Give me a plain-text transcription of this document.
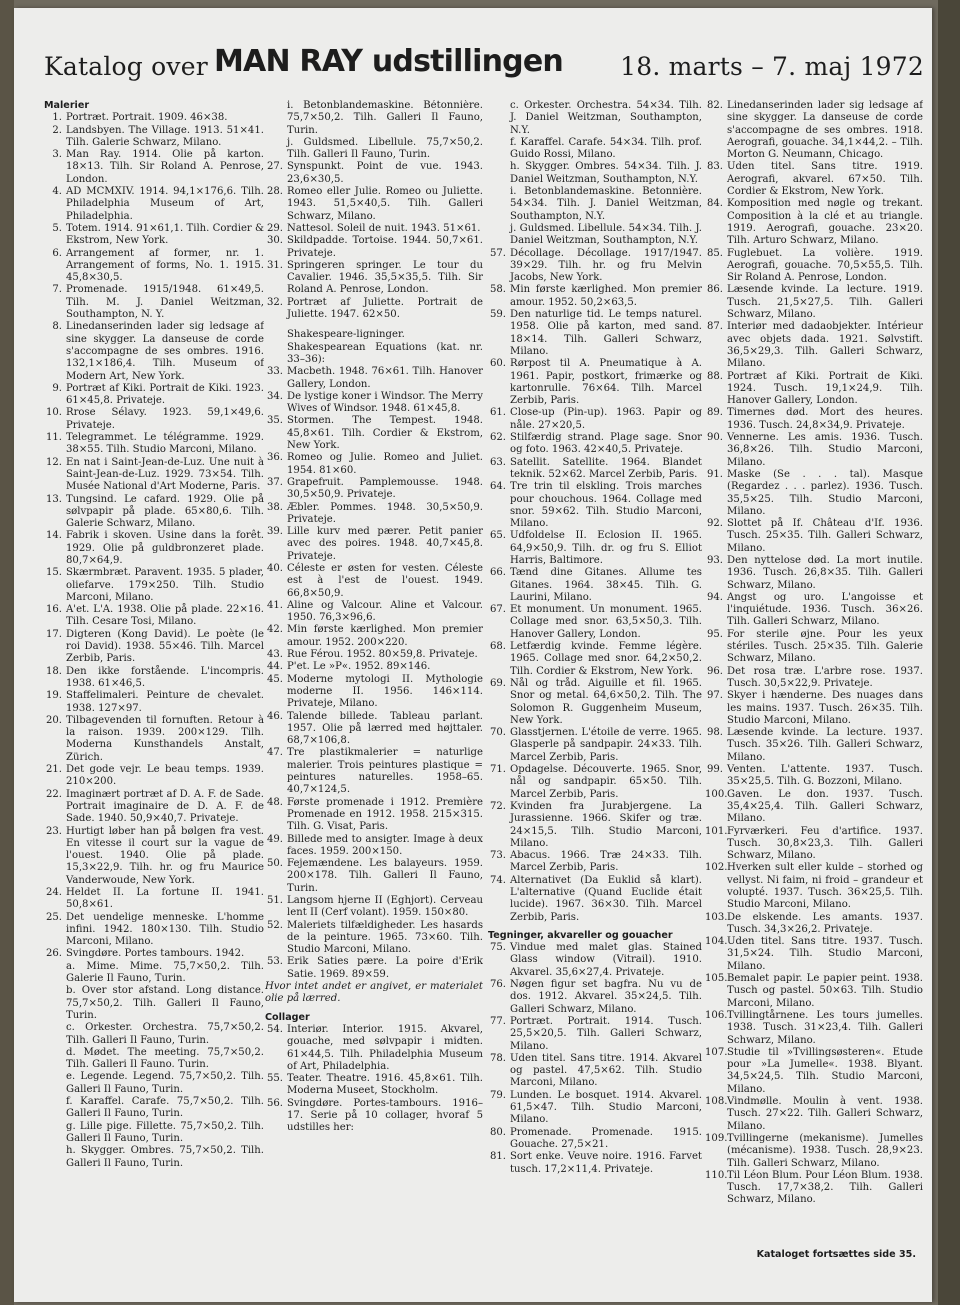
Katalog over MAN RAY udstillingen 18. marts – 7. maj 1972
Malerier
1. Portræt. Portrait. 1909. 46×38.
2. Landsbyen. The Village. 1913. 51×41. Tilh. Galerie Schwarz, Milano.
3. Man Ray. 1914. Olie på karton. 18×13. Tilh. Sir Roland A. Penrose, London.
4. AD MCMXIV. 1914. 94,1×176,6. Tilh. Philadelphia Museum of Art, Philadelphia.
5. Totem. 1914. 91×61,1. Tilh. Cordier & Ekstrom, New York.
6. Arrangement af former, nr. 1. Arrangement of forms, No. 1. 1915. 45,8×30,5.
7. Promenade. 1915/1948. 61×49,5. Tilh. M. J. Daniel Weitzman, Southampton, N. Y.
8. Linedanserinden lader sig ledsage af sine skygger. La danseuse de corde s'accompagne de ses ombres. 1916. 132,1×186,4. Tilh. Museum of Modern Art, New York.
9. Portræt af Kiki. Portrait de Kiki. 1923. 61×45,8. Privateje.
10. Rrose Sélavy. 1923. 59,1×49,6. Privateje.
11. Telegrammet. Le télégramme. 1929. 38×55. Tilh. Studio Marconi, Milano.
12. En nat i Saint-Jean-de-Luz. Une nuit à Saint-Jean-de-Luz. 1929. 73×54. Tilh. Musée National d'Art Moderne, Paris.
13. Tungsind. Le cafard. 1929. Olie på sølvpapir på plade. 65×80,6. Tilh. Galerie Schwarz, Milano.
14. Fabrik i skoven. Usine dans la forêt. 1929. Olie på guldbronzeret plade. 80,7×64,9.
15. Skærmbræt. Paravent. 1935. 5 plader, oliefarve. 179×250. Tilh. Studio Marconi, Milano.
16. A'et. L'A. 1938. Olie på plade. 22×16. Tilh. Cesare Tosi, Milano.
17. Digteren (Kong David). Le poète (le roi David). 1938. 55×46. Tilh. Marcel Zerbib, Paris.
18. Den ikke forstående. L'incompris. 1938. 61×46,5.
19. Staffelimaleri. Peinture de chevalet. 1938. 127×97.
20. Tilbagevenden til fornuften. Retour à la raison. 1939. 200×129. Tilh. Moderna Kunsthandels Anstalt, Zürich.
21. Det gode vejr. Le beau temps. 1939. 210×200.
22. Imaginært portræt af D. A. F. de Sade. Portrait imaginaire de D. A. F. de Sade. 1940. 50,9×40,7. Privateje.
23. Hurtigt løber han på bølgen fra vest. En vitesse il court sur la vague de l'ouest. 1940. Olie på plade. 15,3×22,9. Tilh. hr. og fru Maurice Vanderwoude, New York.
24. Heldet II. La fortune II. 1941. 50,8×61.
25. Det uendelige menneske. L'homme infini. 1942. 180×130. Tilh. Studio Marconi, Milano.
26. Svingdøre. Portes tambours. 1942.
a. Mime. Mime. 75,7×50,2. Tilh. Galerie Il Fauno, Turin.
b. Over stor afstand. Long distance. 75,7×50,2. Tilh. Galleri Il Fauno, Turin.
c. Orkester. Orchestra. 75,7×50,2. Tilh. Galleri Il Fauno, Turin.
d. Mødet. The meeting. 75,7×50,2. Tilh. Galleri Il Fauno. Turin.
e. Legende. Legend. 75,7×50,2. Tilh. Galleri Il Fauno, Turin.
f. Karaffel. Carafe. 75,7×50,2. Tilh. Galleri Il Fauno, Turin.
g. Lille pige. Fillette. 75,7×50,2. Tilh. Galleri Il Fauno, Turin.
h. Skygger. Ombres. 75,7×50,2. Tilh. Galleri Il Fauno, Turin.
i. Betonblandemaskine. Bétonnière. 75,7×50,2. Tilh. Galleri Il Fauno, Turin.
j. Guldsmed. Libellule. 75,7×50,2. Tilh. Galleri Il Fauno, Turin.
27. Synspunkt. Point de vue. 1943. 23,6×30,5.
28. Romeo eller Julie. Romeo ou Juliette. 1943. 51,5×40,5. Tilh. Galleri Schwarz, Milano.
29. Nattesol. Soleil de nuit. 1943. 51×61.
30. Skildpadde. Tortoise. 1944. 50,7×61. Privateje.
31. Springeren springer. Le tour du Cavalier. 1946. 35,5×35,5. Tilh. Sir Roland A. Penrose, London.
32. Portræt af Juliette. Portrait de Juliette. 1947. 62×50.
Shakespeare-ligninger.
Shakespearean Equations (kat. nr. 33–36):
33. Macbeth. 1948. 76×61. Tilh. Hanover Gallery, London.
34. De lystige koner i Windsor. The Merry Wives of Windsor. 1948. 61×45,8.
35. Stormen. The Tempest. 1948. 45,8×61. Tilh. Cordier & Ekstrom, New York.
36. Romeo og Julie. Romeo and Juliet. 1954. 81×60.
37. Grapefruit. Pamplemousse. 1948. 30,5×50,9. Privateje.
38. Æbler. Pommes. 1948. 30,5×50,9. Privateje.
39. Lille kurv med pærer. Petit panier avec des poires. 1948. 40,7×45,8. Privateje.
40. Céleste er østen for vesten. Céleste est à l'est de l'ouest. 1949. 66,8×50,9.
41. Aline og Valcour. Aline et Valcour. 1950. 76,3×96,6.
42. Min første kærlighed. Mon premier amour. 1952. 200×220.
43. Rue Férou. 1952. 80×59,8. Privateje.
44. P'et. Le »P«. 1952. 89×146.
45. Moderne mytologi II. Mythologie moderne II. 1956. 146×114. Privateje, Milano.
46. Talende billede. Tableau parlant. 1957. Olie på lærred med højttaler. 68,7×106,8.
47. Tre plastikmalerier = naturlige malerier. Trois peintures plastique = peintures naturelles. 1958–65. 40,7×124,5.
48. Første promenade i 1912. Première Promenade en 1912. 1958. 215×315. Tilh. G. Visat, Paris.
49. Billede med to ansigter. Image à deux faces. 1959. 200×150.
50. Fejemændene. Les balayeurs. 1959. 200×178. Tilh. Galleri Il Fauno, Turin.
51. Langsom hjerne II (Eghjort). Cerveau lent II (Cerf volant). 1959. 150×80.
52. Maleriets tilfældigheder. Les hasards de la peinture. 1965. 73×60. Tilh. Studio Marconi, Milano.
53. Erik Saties pære. La poire d'Erik Satie. 1969. 89×59.
Hvor intet andet er angivet, er materialet olie på lærred.
Collager
54. Interiør. Interior. 1915. Akvarel, gouache, med sølvpapir i midten. 61×44,5. Tilh. Philadelphia Museum of Art, Philadelphia.
55. Teater. Theatre. 1916. 45,8×61. Tilh. Moderna Museet, Stockholm.
56. Svingdøre. Portes-tambours. 1916–17. Serie på 10 collager, hvoraf 5 udstilles her:
c. Orkester. Orchestra. 54×34. Tilh. J. Daniel Weitzman, Southampton, N.Y.
f. Karaffel. Carafe. 54×34. Tilh. prof. Guido Rossi, Milano.
h. Skygger. Ombres. 54×34. Tilh. J. Daniel Weitzman, Southampton, N.Y.
i. Betonblandemaskine. Betonnière. 54×34. Tilh. J. Daniel Weitzman, Southampton, N.Y.
j. Guldsmed. Libellule. 54×34. Tilh. J. Daniel Weitzman, Southampton, N.Y.
57. Décollage. Décollage. 1917/1947. 39×29. Tilh. hr. og fru Melvin Jacobs, New York.
58. Min første kærlighed. Mon premier amour. 1952. 50,2×63,5.
59. Den naturlige tid. Le temps naturel. 1958. Olie på karton, med sand. 18×14. Tilh. Galleri Schwarz, Milano.
60. Rørpost til A. Pneumatique à A. 1961. Papir, postkort, frimærke og kartonrulle. 76×64. Tilh. Marcel Zerbib, Paris.
61. Close-up (Pin-up). 1963. Papir og nåle. 27×20,5.
62. Stilfærdig strand. Plage sage. Snor og foto. 1963. 42×40,5. Privateje.
63. Satellit. Satellite. 1964. Blandet teknik. 52×62. Marcel Zerbib, Paris.
64. Tre trin til elskling. Trois marches pour chouchous. 1964. Collage med snor. 59×62. Tilh. Studio Marconi, Milano.
65. Udfoldelse II. Eclosion II. 1965. 64,9×50,9. Tilh. dr. og fru S. Elliot Harris, Baltimore.
66. Tænd dine Gitanes. Allume tes Gitanes. 1964. 38×45. Tilh. G. Laurini, Milano.
67. Et monument. Un monument. 1965. Collage med snor. 63,5×50,3. Tilh. Hanover Gallery, London.
68. Letfærdig kvinde. Femme légère. 1965. Collage med snor. 64,2×50,2. Tilh. Cordier & Ekstrom, New York.
69. Nål og tråd. Aiguille et fil. 1965. Snor og metal. 64,6×50,2. Tilh. The Solomon R. Guggenheim Museum, New York.
70. Glasstjernen. L'étoile de verre. 1965. Glasperle på sandpapir. 24×33. Tilh. Marcel Zerbib, Paris.
71. Opdagelse. Découverte. 1965. Snor, nål og sandpapir. 65×50. Tilh. Marcel Zerbib, Paris.
72. Kvinden fra Jurabjergene. La Jurassienne. 1966. Skifer og træ. 24×15,5. Tilh. Studio Marconi, Milano.
73. Abacus. 1966. Træ 24×33. Tilh. Marcel Zerbib, Paris.
74. Alternativet (Da Euklid så klart). L'alternative (Quand Euclide était lucide). 1967. 36×30. Tilh. Marcel Zerbib, Paris.
Tegninger, akvareller og gouacher
75. Vindue med malet glas. Stained Glass window (Vitrail). 1910. Akvarel. 35,6×27,4. Privateje.
76. Nøgen figur set bagfra. Nu vu de dos. 1912. Akvarel. 35×24,5. Tilh. Galleri Schwarz, Milano.
77. Portræt. Portrait. 1914. Tusch. 25,5×20,5. Tilh. Galleri Schwarz, Milano.
78. Uden titel. Sans titre. 1914. Akvarel og pastel. 47,5×62. Tilh. Studio Marconi, Milano.
79. Lunden. Le bosquet. 1914. Akvarel. 61,5×47. Tilh. Studio Marconi, Milano.
80. Promenade. Promenade. 1915. Gouache. 27,5×21.
81. Sort enke. Veuve noire. 1916. Farvet tusch. 17,2×11,4. Privateje.
82. Linedanserinden lader sig ledsage af sine skygger. La danseuse de corde s'accompagne de ses ombres. 1918. Aerografi, gouache. 34,1×44,2. – Tilh. Morton G. Neumann, Chicago.
83. Uden titel. Sans titre. 1919. Aerografi, akvarel. 67×50. Tilh. Cordier & Ekstrom, New York.
84. Komposition med nøgle og trekant. Composition à la clé et au triangle. 1919. Aerografi, gouache. 23×20. Tilh. Arturo Schwarz, Milano.
85. Fuglebuet. La volière. 1919. Aerografi, gouache. 70,5×55,5. Tilh. Sir Roland A. Penrose, London.
86. Læsende kvinde. La lecture. 1919. Tusch. 21,5×27,5. Tilh. Galleri Schwarz, Milano.
87. Interiør med dadaobjekter. Intérieur avec objets dada. 1921. Sølvstift. 36,5×29,3. Tilh. Galleri Schwarz, Milano.
88. Portræt af Kiki. Portrait de Kiki. 1924. Tusch. 19,1×24,9. Tilh. Hanover Gallery, London.
89. Timernes død. Mort des heures. 1936. Tusch. 24,8×34,9. Privateje.
90. Vennerne. Les amis. 1936. Tusch. 36,8×26. Tilh. Studio Marconi, Milano.
91. Maske (Se . . . tal). Masque (Regardez . . . parlez). 1936. Tusch. 35,5×25. Tilh. Studio Marconi, Milano.
92. Slottet på If. Château d'If. 1936. Tusch. 25×35. Tilh. Galleri Schwarz, Milano.
93. Den nyttelose død. La mort inutile. 1936. Tusch. 26,8×35. Tilh. Galleri Schwarz, Milano.
94. Angst og uro. L'angoisse et l'inquiétude. 1936. Tusch. 36×26. Tilh. Galleri Schwarz, Milano.
95. For sterile øjne. Pour les yeux stériles. Tusch. 25×35. Tilh. Galerie Schwarz, Milano.
96. Det rosa træ. L'arbre rose. 1937. Tusch. 30,5×22,9. Privateje.
97. Skyer i hænderne. Des nuages dans les mains. 1937. Tusch. 26×35. Tilh. Studio Marconi, Milano.
98. Læsende kvinde. La lecture. 1937. Tusch. 35×26. Tilh. Galleri Schwarz, Milano.
99. Venten. L'attente. 1937. Tusch. 35×25,5. Tilh. G. Bozzoni, Milano.
100. Gaven. Le don. 1937. Tusch. 35,4×25,4. Tilh. Galleri Schwarz, Milano.
101. Fyrværkeri. Feu d'artifice. 1937. Tusch. 30,8×23,3. Tilh. Galleri Schwarz, Milano.
102. Hverken sult eller kulde – storhed og vellyst. Ni faim, ni froid – grandeur et volupté. 1937. Tusch. 36×25,5. Tilh. Studio Marconi, Milano.
103. De elskende. Les amants. 1937. Tusch. 34,3×26,2. Privateje.
104. Uden titel. Sans titre. 1937. Tusch. 31,5×24. Tilh. Studio Marconi, Milano.
105. Bemalet papir. Le papier peint. 1938. Tusch og pastel. 50×63. Tilh. Studio Marconi, Milano.
106. Tvillingtårnene. Les tours jumelles. 1938. Tusch. 31×23,4. Tilh. Galleri Schwarz, Milano.
107. Studie til »Tvillingsøsteren«. Etude pour »La Jumelle«. 1938. Blyant. 34,5×24,5. Tilh. Studio Marconi, Milano.
108. Vindmølle. Moulin à vent. 1938. Tusch. 27×22. Tilh. Galleri Schwarz, Milano.
109. Tvillingerne (mekanisme). Jumelles (mécanisme). 1938. Tusch. 28,9×23. Tilh. Galleri Schwarz, Milano.
110. Til Léon Blum. Pour Léon Blum. 1938. Tusch. 17,7×38,2. Tilh. Galleri Schwarz, Milano.
Kataloget fortsættes side 35.
